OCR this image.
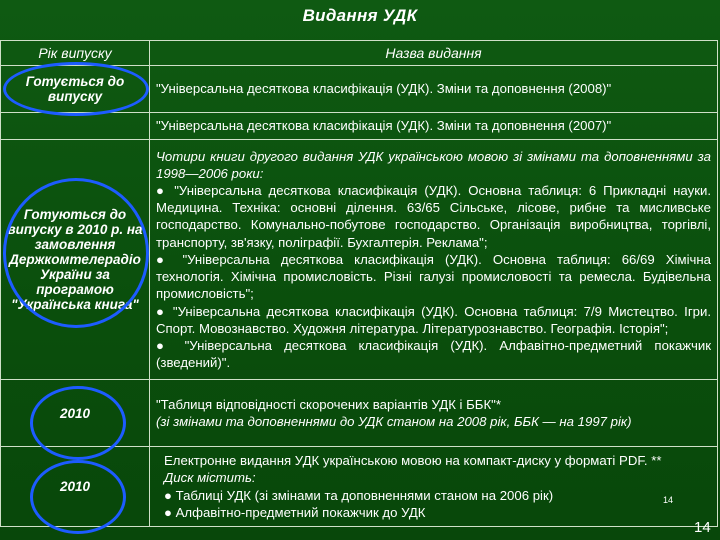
Видання УДК
Рік випуску	Назва видання
Готується до випуску	"Універсальна десяткова класифікація (УДК). Зміни та доповнення (2008)"
	"Універсальна десяткова класифікація (УДК). Зміни та доповнення (2007)"
Готуються до випуску в 2010 р. на замовлення Держкомтелерадіо України за програмою "Українська книга"	Чотири книги другого видання УДК українською мовою зі змінами та доповненнями за 1998—2006 роки:
● "Універсальна десяткова класифікація (УДК). Основна таблиця: 6 Прикладні науки. Медицина. Техніка: основні ділення. 63/65 Сільське, лісове, рибне та мисливське господарство. Комунально-побутове господарство. Організація виробництва, торгівлі, транспорту, зв'язку, поліграфії. Бухгалтерія. Реклама";
● "Універсальна десяткова класифікація (УДК). Основна таблиця: 66/69 Хімічна технологія. Хімічна промисловість. Різні галузі промисловості та ремесла. Будівельна промисловість";
● "Універсальна десяткова класифікація (УДК). Основна таблиця: 7/9 Мистецтво. Ігри. Спорт. Мовознавство. Художня література. Літературознавство. Географія. Історія";
● "Універсальна десяткова класифікація (УДК). Алфавітно-предметний покажчик (зведений)".

2010	"Таблиця відповідності скорочених варіантів УДК і ББК"*
(зі змінами та доповненнями до УДК станом на 2008 рік, ББК — на 1997 рік)

2010	Електронне видання УДК українською мовою на компакт-диску у форматі PDF. **
Диск містить:
● Таблиці УДК (зі змінами та доповненнями станом на 2006 рік)
● Алфавітно-предметний покажчик до УДК
14
14
